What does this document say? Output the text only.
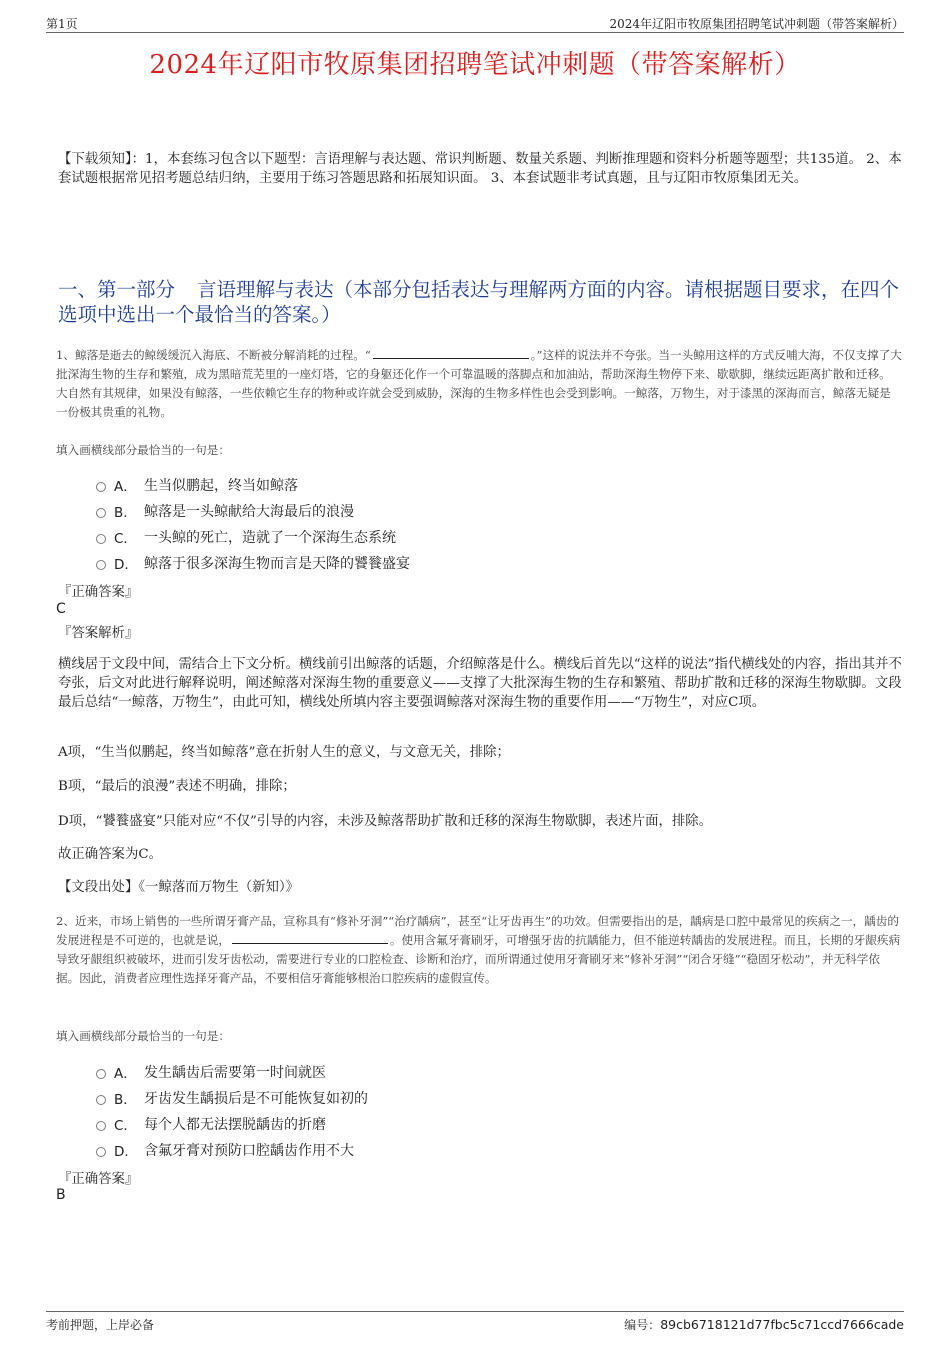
第1页	2024年辽阳市牧原集团招聘笔试冲刺题（带答案解析）
2024年辽阳市牧原集团招聘笔试冲刺题（带答案解析）
【下载须知】：1，本套练习包含以下题型：言语理解与表达题、常识判断题、数量关系题、判断推理题和资料分析题等题型；共135道。 2、本套试题根据常见招考题总结归纳，主要用于练习答题思路和拓展知识面。 3、本套试题非考试真题，且与辽阳市牧原集团无关。
一、第一部分 言语理解与表达（本部分包括表达与理解两方面的内容。请根据题目要求，在四个选项中选出一个最恰当的答案。）
1、鲸落是逝去的鲸缓缓沉入海底、不断被分解消耗的过程。“	。”这样的说法并不夸张。当一头鲸用这样的方式反哺大海，不仅支撑了大批深海生物的生存和繁殖，成为黑暗荒芜里的一座灯塔，它的身躯还化作一个可靠温暖的落脚点和加油站，帮助深海生物停下来、歇歇脚，继续远距离扩散和迁移。大自然有其规律，如果没有鲸落，一些依赖它生存的物种或许就会受到威胁，深海的生物多样性也会受到影响。一鲸落，万物生，对于漆黑的深海而言，鲸落无疑是一份极其贵重的礼物。
填入画横线部分最恰当的一句是：
A． 生当似鹏起，终当如鲸落
B． 鲸落是一头鲸献给大海最后的浪漫
C． 一头鲸的死亡，造就了一个深海生态系统
D． 鲸落于很多深海生物而言是天降的饕餮盛宴
『正确答案』
C
『答案解析』
横线居于文段中间，需结合上下文分析。横线前引出鲸落的话题，介绍鲸落是什么。横线后首先以“这样的说法”指代横线处的内容，指出其并不夸张，后文对此进行解释说明，阐述鲸落对深海生物的重要意义——支撑了大批深海生物的生存和繁殖、帮助扩散和迁移的深海生物歇脚。文段最后总结“一鲸落，万物生”，由此可知，横线处所填内容主要强调鲸落对深海生物的重要作用——“万物生”，对应C项。
A项，“生当似鹏起，终当如鲸落”意在折射人生的意义，与文意无关，排除；
B项，“最后的浪漫”表述不明确，排除；
D项，“饕餮盛宴”只能对应“不仅”引导的内容，未涉及鲸落帮助扩散和迁移的深海生物歇脚，表述片面，排除。
故正确答案为C。
【文段出处】《一鲸落而万物生（新知）》
2、近来，市场上销售的一些所谓牙膏产品，宣称具有“修补牙洞”“治疗龋病”，甚至“让牙齿再生”的功效。但需要指出的是，龋病是口腔中最常见的疾病之一，龋齿的发展进程是不可逆的，也就是说，	。使用含氟牙膏刷牙，可增强牙齿的抗龋能力，但不能逆转龋齿的发展进程。而且，长期的牙龈疾病导致牙龈组织被破坏，进而引发牙齿松动，需要进行专业的口腔检查、诊断和治疗，而所谓通过使用牙膏刷牙来“修补牙洞”“闭合牙缝”“稳固牙松动”，并无科学依据。因此，消费者应理性选择牙膏产品，不要相信牙膏能够根治口腔疾病的虚假宣传。
填入画横线部分最恰当的一句是：
A． 发生龋齿后需要第一时间就医
B． 牙齿发生龋损后是不可能恢复如初的
C． 每个人都无法摆脱龋齿的折磨
D． 含氟牙膏对预防口腔龋齿作用不大
『正确答案』
B
考前押题，上岸必备	编号：89cb6718121d77fbc5c71ccd7666cade
